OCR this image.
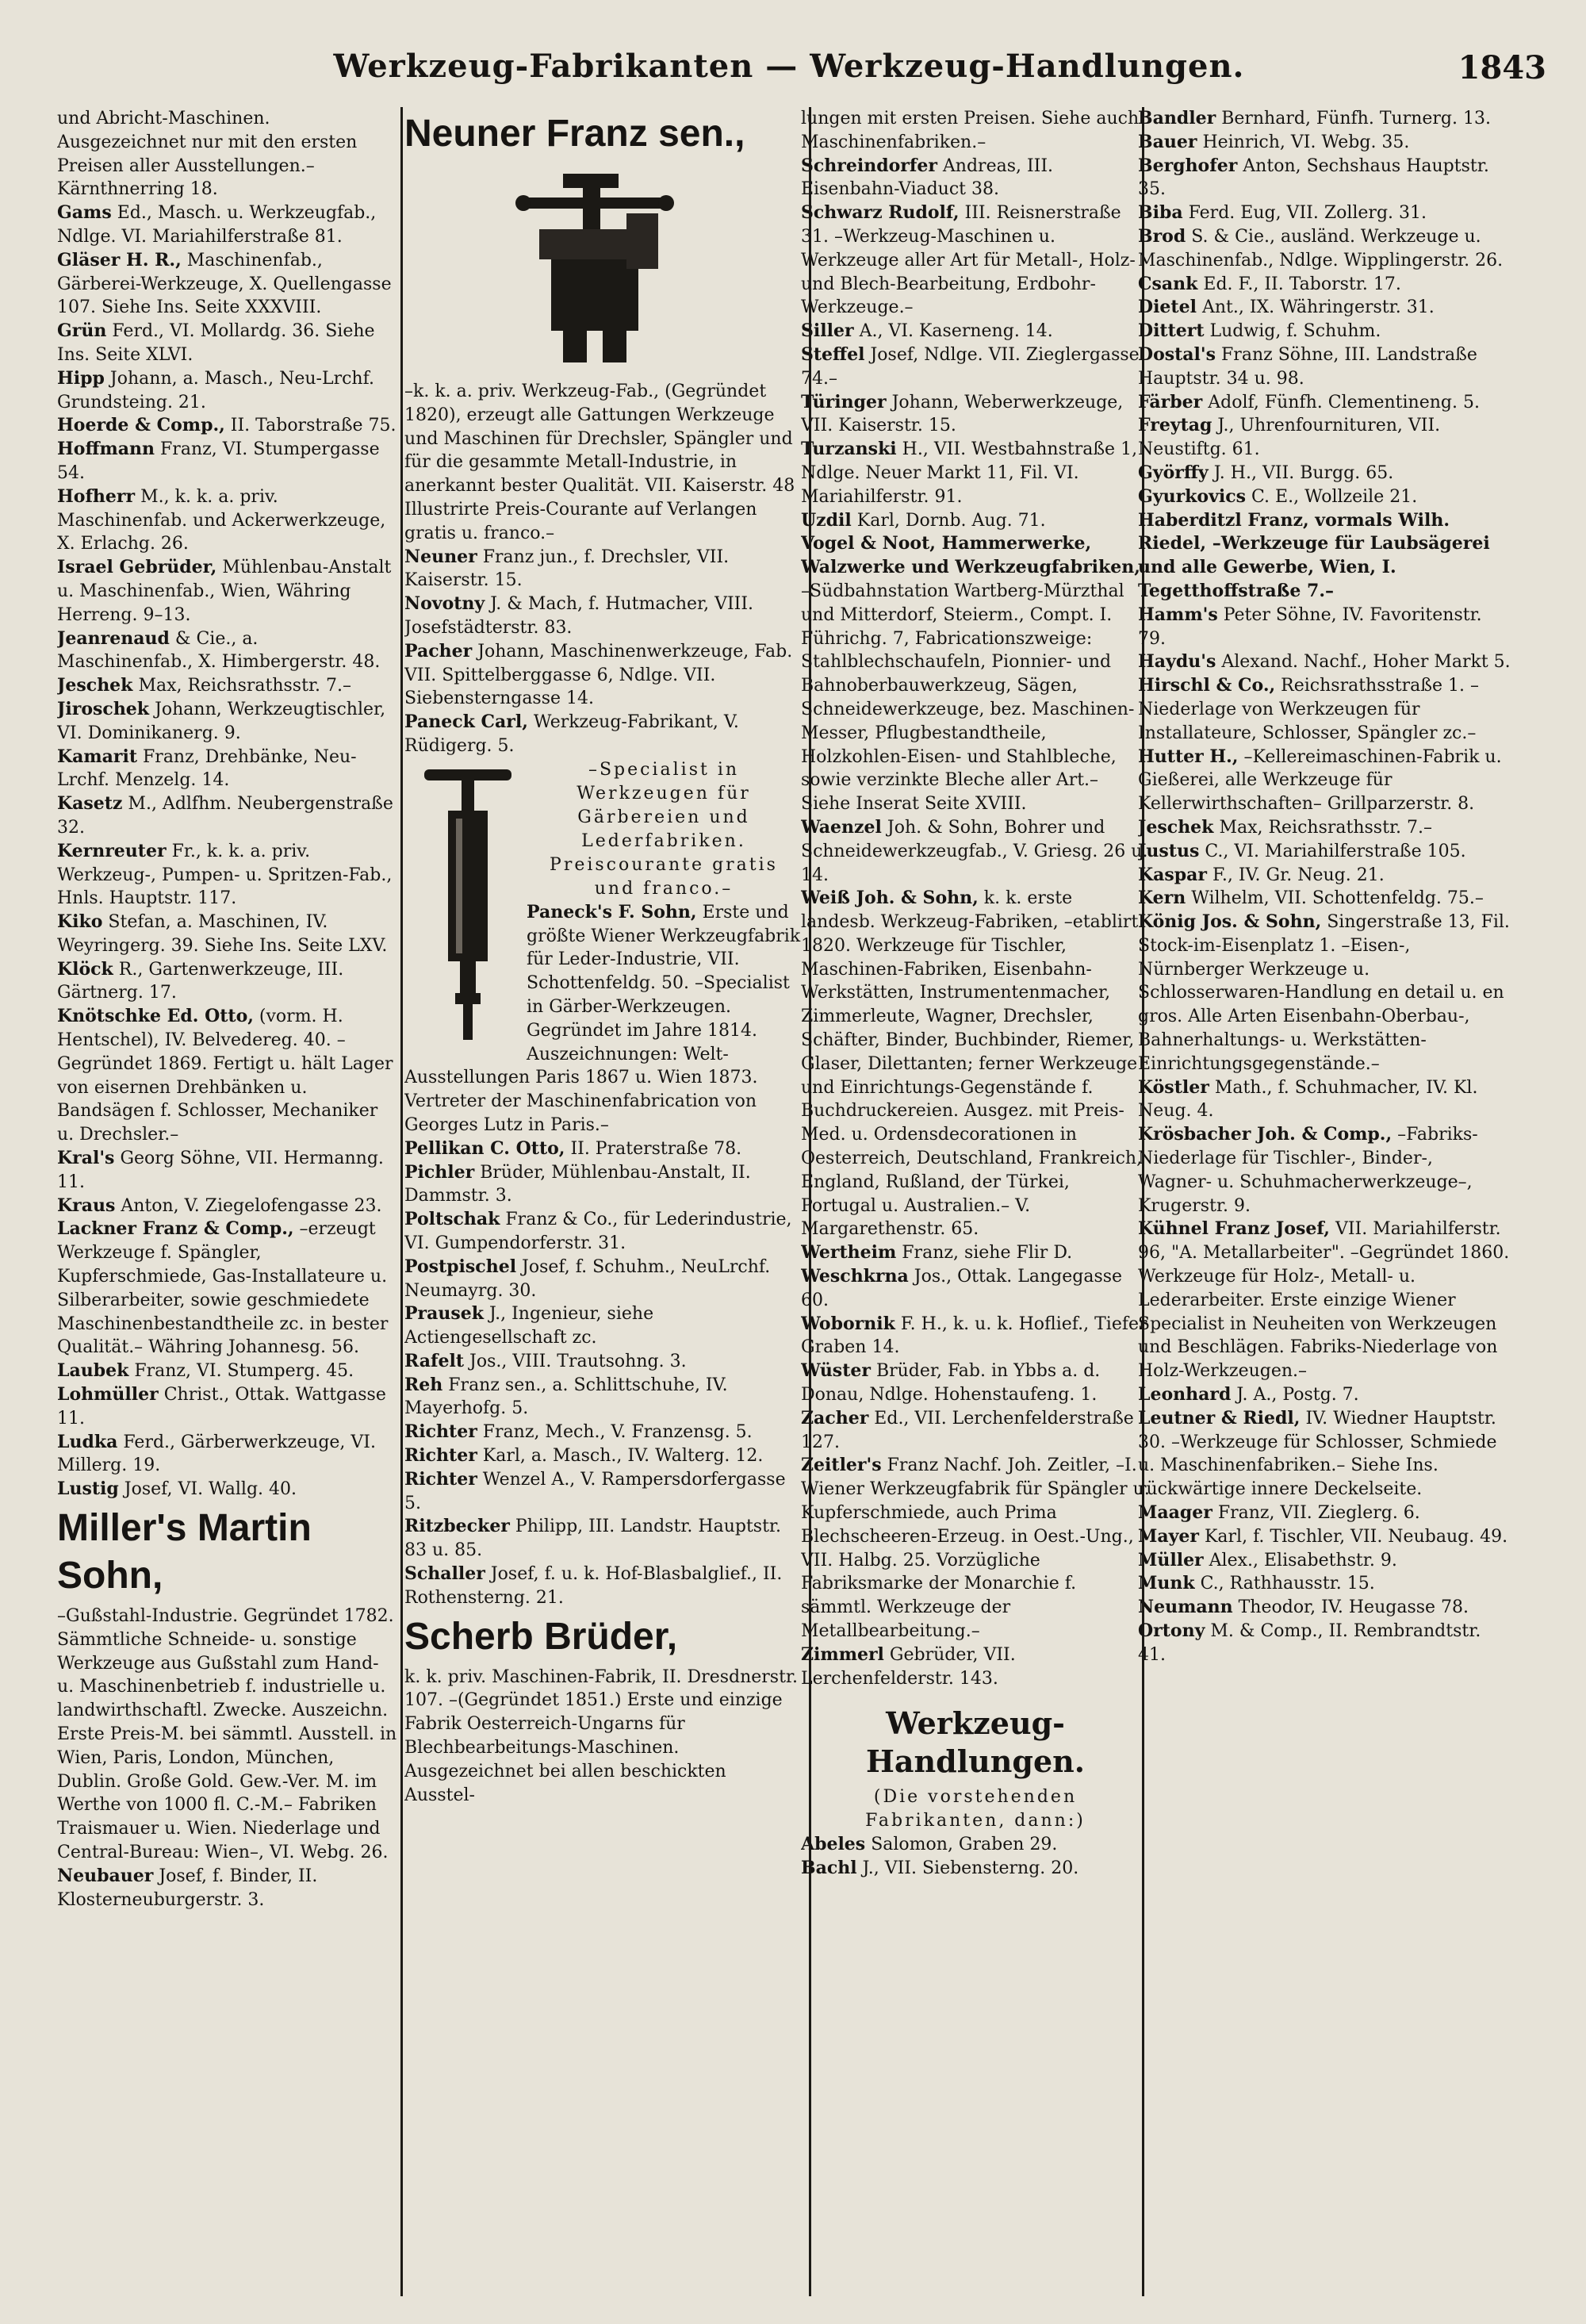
Werkzeug-Fabrikanten — Werkzeug-Handlungen.	1843

und Abricht-Maschinen. Ausgezeichnet nur mit den ersten Preisen aller Ausstellungen.– Kärnthnerring 18.

Gams Ed., Masch. u. Werkzeugfab., Ndlge. VI. Mariahilferstraße 81.

Gläser H. R., Maschinenfab., Gärberei-Werkzeuge, X. Quellengasse 107. Siehe Ins. Seite XXXVIII.

Grün Ferd., VI. Mollardg. 36. Siehe Ins. Seite XLVI.

Hipp Johann, a. Masch., Neu-Lrchf. Grundsteing. 21.

Hoerde & Comp., II. Taborstraße 75.

Hoffmann Franz, VI. Stumpergasse 54.

Hofherr M., k. k. a. priv. Maschinenfab. und Ackerwerkzeuge, X. Erlachg. 26.

Israel Gebrüder, Mühlenbau-Anstalt u. Maschinenfab., Wien, Währing Herreng. 9–13.

Jeanrenaud & Cie., a. Maschinenfab., X. Himbergerstr. 48.

Jeschek Max, Reichsrathsstr. 7.–

Jiroschek Johann, Werkzeugtischler, VI. Dominikanerg. 9.

Kamarit Franz, Drehbänke, Neu-Lrchf. Menzelg. 14.

Kasetz M., Adlfhm. Neubergenstraße 32.

Kernreuter Fr., k. k. a. priv. Werkzeug-, Pumpen- u. Spritzen-Fab., Hnls. Hauptstr. 117.

Kiko Stefan, a. Maschinen, IV. Weyringerg. 39. Siehe Ins. Seite LXV.

Klöck R., Gartenwerkzeuge, III. Gärtnerg. 17.

Knötschke Ed. Otto, (vorm. H. Hentschel), IV. Belvedereg. 40. –Gegründet 1869. Fertigt u. hält Lager von eisernen Drehbänken u. Bandsägen f. Schlosser, Mechaniker u. Drechsler.–

Kral's Georg Söhne, VII. Hermanng. 11.

Kraus Anton, V. Ziegelofengasse 23.

Lackner Franz & Comp., –erzeugt Werkzeuge f. Spängler, Kupferschmiede, Gas-Installateure u. Silberarbeiter, sowie geschmiedete Maschinenbestandtheile zc. in bester Qualität.– Währing Johannesg. 56.

Laubek Franz, VI. Stumperg. 45.

Lohmüller Christ., Ottak. Wattgasse 11.

Ludka Ferd., Gärberwerkzeuge, VI. Millerg. 19.

Lustig Josef, VI. Wallg. 40.

Miller's Martin Sohn,

–Gußstahl-Industrie. Gegründet 1782. Sämmtliche Schneide- u. sonstige Werkzeuge aus Gußstahl zum Hand- u. Maschinenbetrieb f. industrielle u. landwirthschaftl. Zwecke. Auszeichn. Erste Preis-M. bei sämmtl. Ausstell. in Wien, Paris, London, München, Dublin. Große Gold. Gew.-Ver. M. im Werthe von 1000 fl. C.-M.– Fabriken Traismauer u. Wien. Niederlage und Central-Bureau: Wien–, VI. Webg. 26.

Neubauer Josef, f. Binder, II. Klosterneuburgerstr. 3.

Neuner Franz sen.,

–k. k. a. priv. Werkzeug-Fab., (Gegründet 1820), erzeugt alle Gattungen Werkzeuge und Maschinen für Drechsler, Spängler und für die gesammte Metall-Industrie, in anerkannt bester Qualität. VII. Kaiserstr. 48 Illustrirte Preis-Courante auf Verlangen gratis u. franco.–

Neuner Franz jun., f. Drechsler, VII. Kaiserstr. 15.

Novotny J. & Mach, f. Hutmacher, VIII. Josefstädterstr. 83.

Pacher Johann, Maschinenwerkzeuge, Fab. VII. Spittelberggasse 6, Ndlge. VII. Siebensterngasse 14.

Paneck Carl, Werkzeug-Fabrikant, V. Rüdigerg. 5.

–Specialist in Werkzeugen für Gärbereien und Lederfabriken. Preiscourante gratis und franco.–

Paneck's F. Sohn, Erste und größte Wiener Werkzeugfabrik für Leder-Industrie, VII. Schottenfeldg. 50. –Specialist in Gärber-Werkzeugen. Gegründet im Jahre 1814. Auszeichnungen: Welt-Ausstellungen Paris 1867 u. Wien 1873. Vertreter der Maschinenfabrication von Georges Lutz in Paris.–

Pellikan C. Otto, II. Praterstraße 78.

Pichler Brüder, Mühlenbau-Anstalt, II. Dammstr. 3.

Poltschak Franz & Co., für Lederindustrie, VI. Gumpendorferstr. 31.

Postpischel Josef, f. Schuhm., NeuLrchf. Neumayrg. 30.

Prausek J., Ingenieur, siehe Actiengesellschaft zc.

Rafelt Jos., VIII. Trautsohng. 3.

Reh Franz sen., a. Schlittschuhe, IV. Mayerhofg. 5.

Richter Franz, Mech., V. Franzensg. 5.

Richter Karl, a. Masch., IV. Walterg. 12.

Richter Wenzel A., V. Rampersdorfergasse 5.

Ritzbecker Philipp, III. Landstr. Hauptstr. 83 u. 85.

Schaller Josef, f. u. k. Hof-Blasbalglief., II. Rothensterng. 21.

Scherb Brüder,

k. k. priv. Maschinen-Fabrik, II. Dresdnerstr. 107. –(Gegründet 1851.) Erste und einzige Fabrik Oesterreich-Ungarns für Blechbearbeitungs-Maschinen. Ausgezeichnet bei allen beschickten Ausstel-

lungen mit ersten Preisen. Siehe auch Maschinenfabriken.–

Schreindorfer Andreas, III. Eisenbahn-Viaduct 38.

Schwarz Rudolf, III. Reisnerstraße 31. –Werkzeug-Maschinen u. Werkzeuge aller Art für Metall-, Holz- und Blech-Bearbeitung, Erdbohr-Werkzeuge.–

Siller A., VI. Kaserneng. 14.

Steffel Josef, Ndlge. VII. Zieglergasse 74.–

Türinger Johann, Weberwerkzeuge, VII. Kaiserstr. 15.

Turzanski H., VII. Westbahnstraße 1, Ndlge. Neuer Markt 11, Fil. VI. Mariahilferstr. 91.

Uzdil Karl, Dornb. Aug. 71.

Vogel & Noot, Hammerwerke, Walzwerke und Werkzeugfabriken, –Südbahnstation Wartberg-Mürzthal und Mitterdorf, Steierm., Compt. I. Führichg. 7, Fabricationszweige: Stahlblechschaufeln, Pionnier- und Bahnoberbauwerkzeug, Sägen, Schneidewerkzeuge, bez. Maschinen-Messer, Pflugbestandtheile, Holzkohlen-Eisen- und Stahlbleche, sowie verzinkte Bleche aller Art.– Siehe Inserat Seite XVIII.

Waenzel Joh. & Sohn, Bohrer und Schneidewerkzeugfab., V. Griesg. 26 u. 14.

Weiß Joh. & Sohn, k. k. erste landesb. Werkzeug-Fabriken, –etablirt 1820. Werkzeuge für Tischler, Maschinen-Fabriken, Eisenbahn-Werkstätten, Instrumentenmacher, Zimmerleute, Wagner, Drechsler, Schäfter, Binder, Buchbinder, Riemer, Glaser, Dilettanten; ferner Werkzeuge und Einrichtungs-Gegenstände f. Buchdruckereien. Ausgez. mit Preis-Med. u. Ordensdecorationen in Oesterreich, Deutschland, Frankreich, England, Rußland, der Türkei, Portugal u. Australien.– V. Margarethenstr. 65.

Wertheim Franz, siehe Flir D.

Weschkrna Jos., Ottak. Langegasse 60.

Wobornik F. H., k. u. k. Hoflief., Tiefer Graben 14.

Wüster Brüder, Fab. in Ybbs a. d. Donau, Ndlge. Hohenstaufeng. 1.

Zacher Ed., VII. Lerchenfelderstraße 127.

Zeitler's Franz Nachf. Joh. Zeitler, –I. Wiener Werkzeugfabrik für Spängler u. Kupferschmiede, auch Prima Blechscheeren-Erzeug. in Oest.-Ung., VII. Halbg. 25. Vorzügliche Fabriksmarke der Monarchie f. sämmtl. Werkzeuge der Metallbearbeitung.–

Zimmerl Gebrüder, VII. Lerchenfelderstr. 143.

Werkzeug-Handlungen.
(Die vorstehenden Fabrikanten, dann:)

Abeles Salomon, Graben 29.

Bachl J., VII. Siebensterng. 20.

Bandler Bernhard, Fünfh. Turnerg. 13.

Bauer Heinrich, VI. Webg. 35.

Berghofer Anton, Sechshaus Hauptstr. 35.

Biba Ferd. Eug, VII. Zollerg. 31.

Brod S. & Cie., ausländ. Werkzeuge u. Maschinenfab., Ndlge. Wipplingerstr. 26.

Csank Ed. F., II. Taborstr. 17.

Dietel Ant., IX. Währingerstr. 31.

Dittert Ludwig, f. Schuhm.

Dostal's Franz Söhne, III. Landstraße Hauptstr. 34 u. 98.

Färber Adolf, Fünfh. Clementineng. 5.

Freytag J., Uhrenfournituren, VII. Neustiftg. 61.

Györffy J. H., VII. Burgg. 65.

Gyurkovics C. E., Wollzeile 21.

Haberditzl Franz, vormals Wilh. Riedel, –Werkzeuge für Laubsägerei und alle Gewerbe, Wien, I. Tegetthoffstraße 7.–

Hamm's Peter Söhne, IV. Favoritenstr. 79.

Haydu's Alexand. Nachf., Hoher Markt 5.

Hirschl & Co., Reichsrathsstraße 1. –Niederlage von Werkzeugen für Installateure, Schlosser, Spängler zc.–

Hutter H., –Kellereimaschinen-Fabrik u. Gießerei, alle Werkzeuge für Kellerwirthschaften– Grillparzerstr. 8.

Jeschek Max, Reichsrathsstr. 7.–

Justus C., VI. Mariahilferstraße 105.

Kaspar F., IV. Gr. Neug. 21.

Kern Wilhelm, VII. Schottenfeldg. 75.–

König Jos. & Sohn, Singerstraße 13, Fil. Stock-im-Eisenplatz 1. –Eisen-, Nürnberger Werkzeuge u. Schlosserwaren-Handlung en detail u. en gros. Alle Arten Eisenbahn-Oberbau-, Bahnerhaltungs- u. Werkstätten-Einrichtungsgegenstände.–

Köstler Math., f. Schuhmacher, IV. Kl. Neug. 4.

Krösbacher Joh. & Comp., –Fabriks-Niederlage für Tischler-, Binder-, Wagner- u. Schuhmacherwerkzeuge–, Krugerstr. 9.

Kühnel Franz Josef, VII. Mariahilferstr. 96, "A. Metallarbeiter". –Gegründet 1860. Werkzeuge für Holz-, Metall- u. Lederarbeiter. Erste einzige Wiener Specialist in Neuheiten von Werkzeugen und Beschlägen. Fabriks-Niederlage von Holz-Werkzeugen.–

Leonhard J. A., Postg. 7.

Leutner & Riedl, IV. Wiedner Hauptstr. 30. –Werkzeuge für Schlosser, Schmiede u. Maschinenfabriken.– Siehe Ins. rückwärtige innere Deckelseite.

Maager Franz, VII. Zieglerg. 6.

Mayer Karl, f. Tischler, VII. Neubaug. 49.

Müller Alex., Elisabethstr. 9.

Munk C., Rathhausstr. 15.

Neumann Theodor, IV. Heugasse 78.

Ortony M. & Comp., II. Rembrandtstr. 41.
